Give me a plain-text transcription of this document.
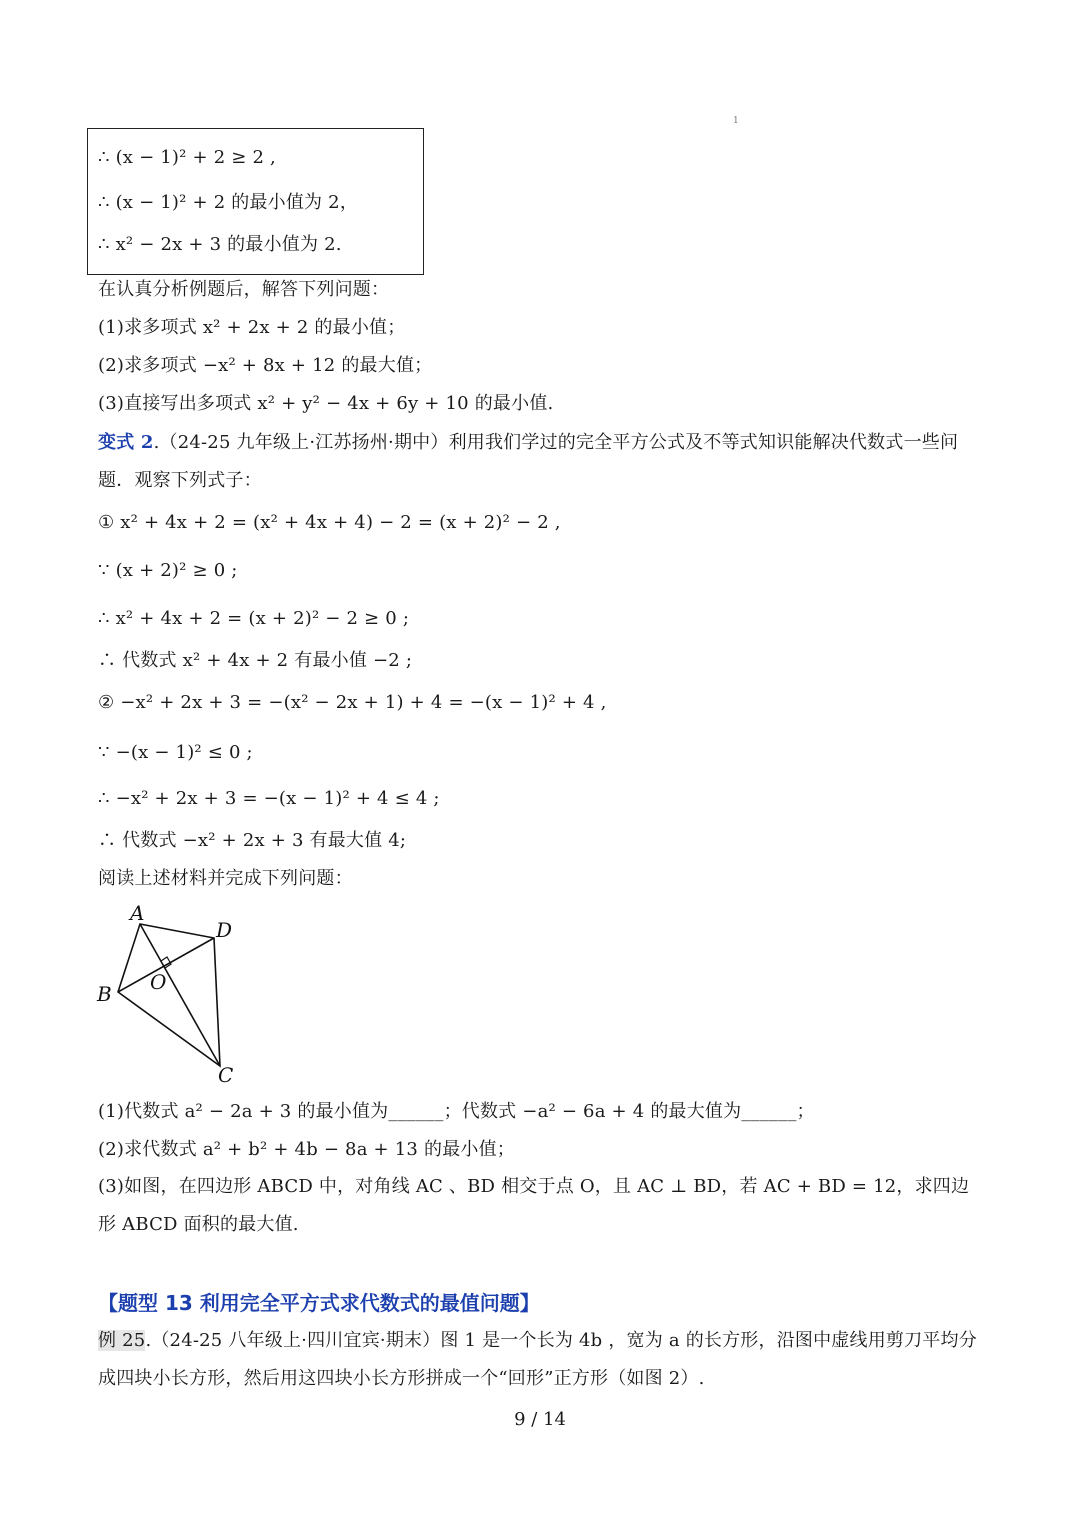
1
∴ (x − 1)² + 2 ≥ 2 ,
∴ (x − 1)² + 2 的最小值为 2，
∴ x² − 2x + 3 的最小值为 2.
在认真分析例题后，解答下列问题：
(1)求多项式 x² + 2x + 2 的最小值；
(2)求多项式 −x² + 8x + 12 的最大值；
(3)直接写出多项式 x² + y² − 4x + 6y + 10 的最小值.
变式 2.（24-25 九年级上·江苏扬州·期中）利用我们学过的完全平方公式及不等式知识能解决代数式一些问题．观察下列式子：
① x² + 4x + 2 = (x² + 4x + 4) − 2 = (x + 2)² − 2 ,
∵ (x + 2)² ≥ 0 ;
∴ x² + 4x + 2 = (x + 2)² − 2 ≥ 0 ;
∴ 代数式 x² + 4x + 2 有最小值 −2 ;
② −x² + 2x + 3 = −(x² − 2x + 1) + 4 = −(x − 1)² + 4 ,
∵ −(x − 1)² ≤ 0 ;
∴ −x² + 2x + 3 = −(x − 1)² + 4 ≤ 4 ;
∴ 代数式 −x² + 2x + 3 有最大值 4;
阅读上述材料并完成下列问题：
A
D
B O
C
(1)代数式 a² − 2a + 3 的最小值为______；代数式 −a² − 6a + 4 的最大值为______；
(2)求代数式 a² + b² + 4b − 8a + 13 的最小值；
(3)如图，在四边形 ABCD 中，对角线 AC 、BD 相交于点 O，且 AC ⊥ BD，若 AC + BD = 12，求四边形 ABCD 面积的最大值.
【题型 13 利用完全平方式求代数式的最值问题】
例 25.（24-25 八年级上·四川宜宾·期末）图 1 是一个长为 4b ，宽为 a 的长方形，沿图中虚线用剪刀平均分成四块小长方形，然后用这四块小长方形拼成一个“回形”正方形（如图 2）.
9 / 14
